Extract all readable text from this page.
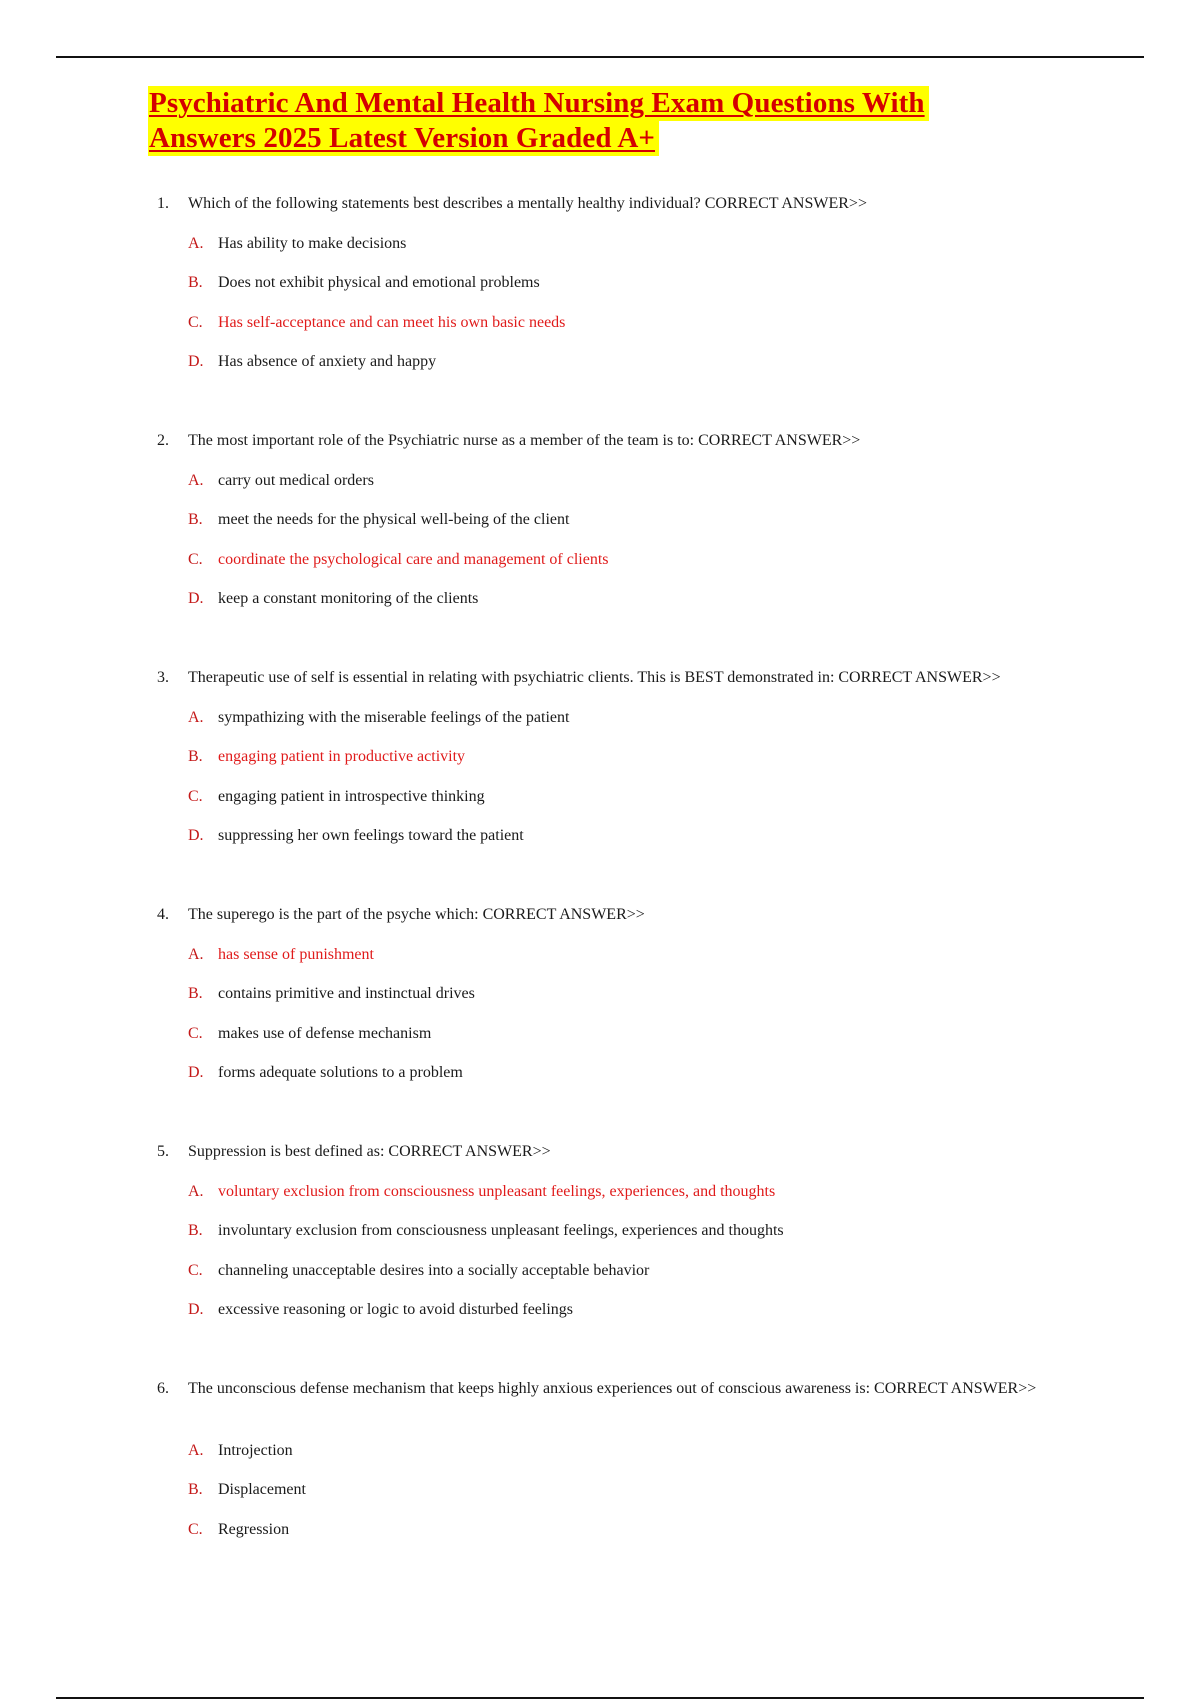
Psychiatric And Mental Health Nursing Exam Questions With
Answers 2025 Latest Version Graded A+
1.	Which of the following statements best describes a mentally healthy individual? CORRECT ANSWER>>
A. Has ability to make decisions
B. Does not exhibit physical and emotional problems
C. Has self-acceptance and can meet his own basic needs
D. Has absence of anxiety and happy
2.	The most important role of the Psychiatric nurse as a member of the team is to: CORRECT ANSWER>>
A. carry out medical orders
B. meet the needs for the physical well-being of the client
C. coordinate the psychological care and management of clients
D. keep a constant monitoring of the clients
3.	Therapeutic use of self is essential in relating with psychiatric clients. This is BEST demonstrated in: CORRECT ANSWER>>
A. sympathizing with the miserable feelings of the patient
B. engaging patient in productive activity
C. engaging patient in introspective thinking
D. suppressing her own feelings toward the patient
4.	The superego is the part of the psyche which: CORRECT ANSWER>>
A. has sense of punishment
B. contains primitive and instinctual drives
C. makes use of defense mechanism
D. forms adequate solutions to a problem
5.	Suppression is best defined as: CORRECT ANSWER>>
A. voluntary exclusion from consciousness unpleasant feelings, experiences, and thoughts
B. involuntary exclusion from consciousness unpleasant feelings, experiences and thoughts
C. channeling unacceptable desires into a socially acceptable behavior
D. excessive reasoning or logic to avoid disturbed feelings
6.	The unconscious defense mechanism that keeps highly anxious experiences out of conscious awareness is: CORRECT ANSWER>>
A. Introjection
B. Displacement
C. Regression
